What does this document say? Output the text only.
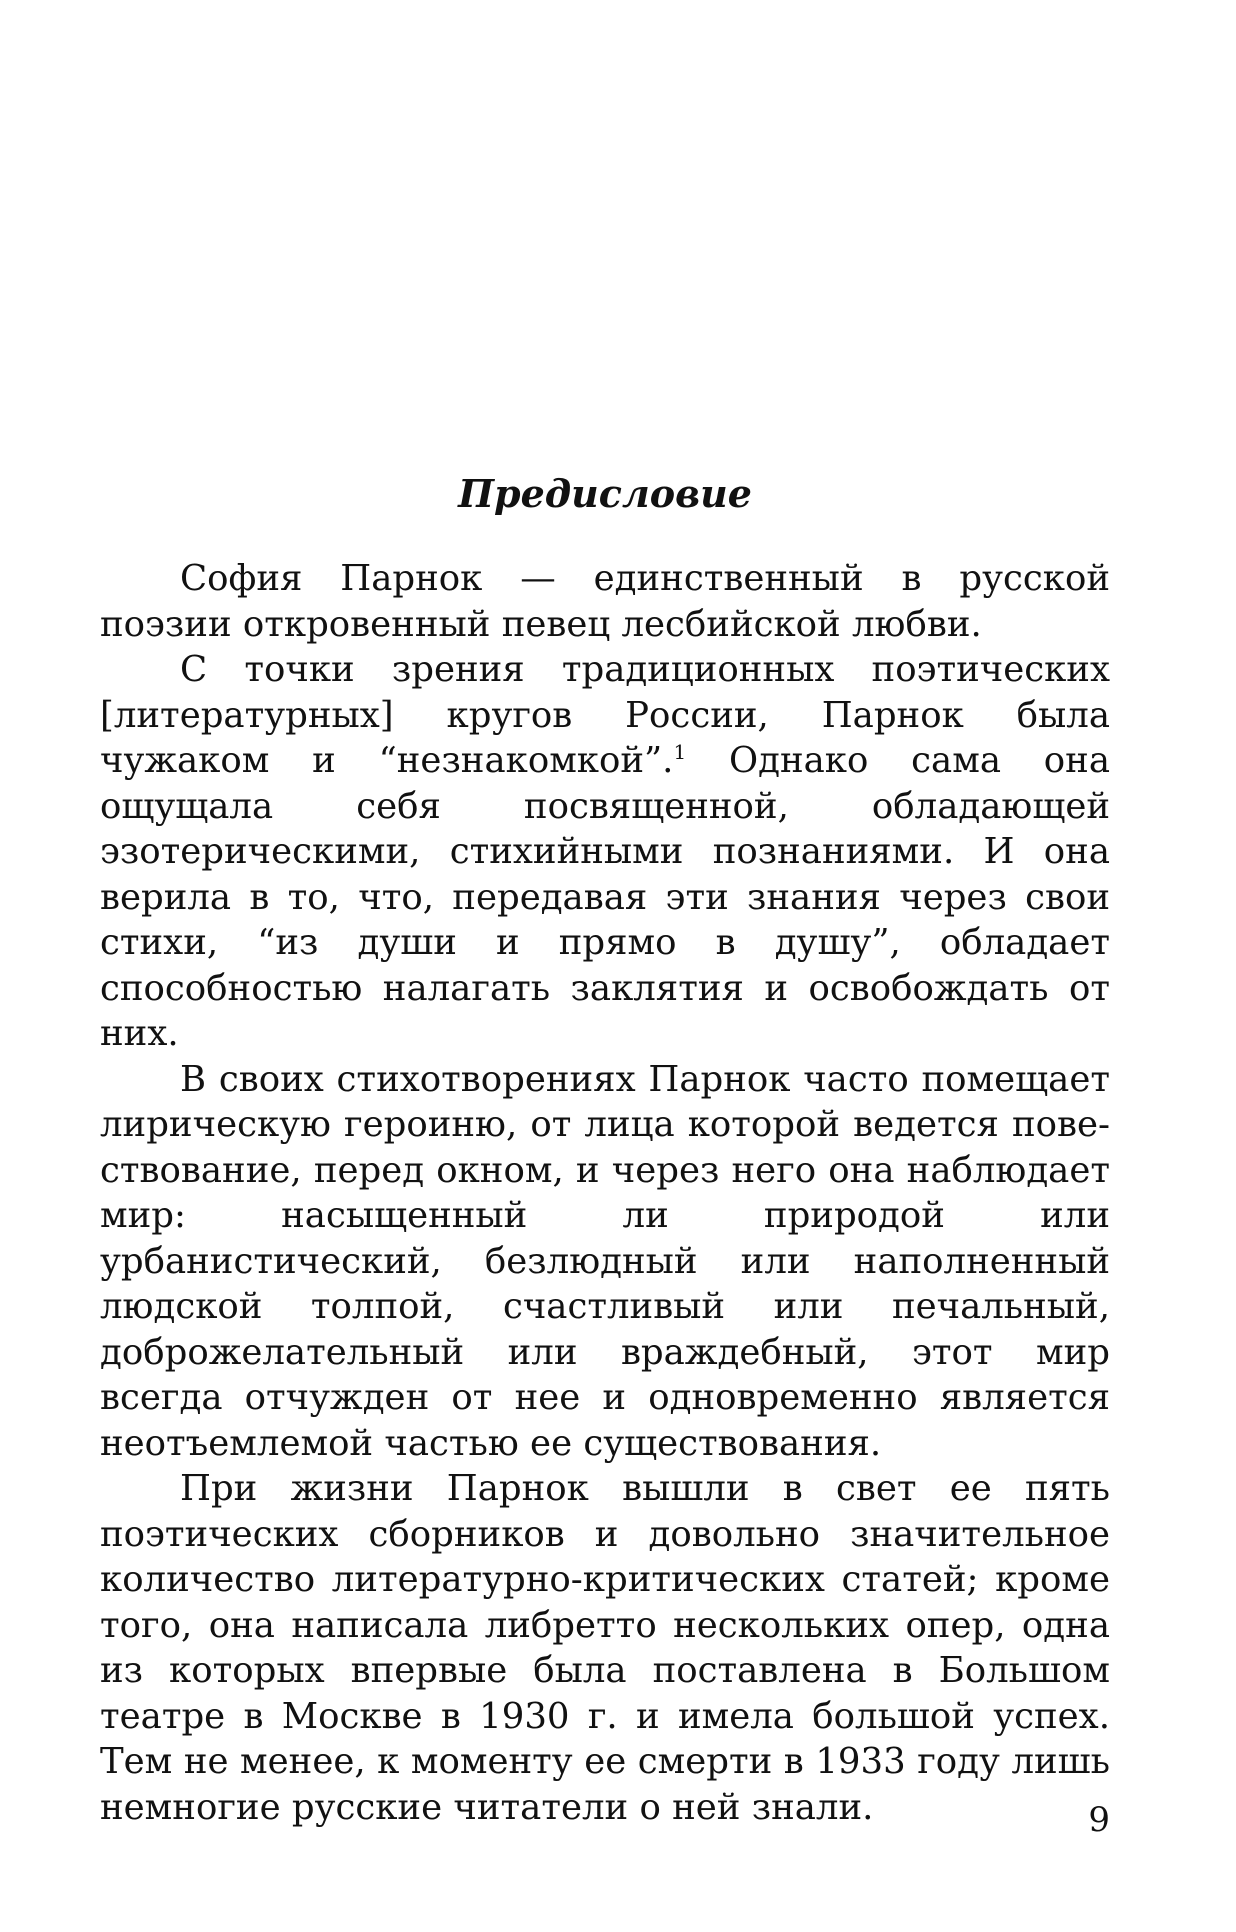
Предисловие

София Парнок — единственный в русской поэзии откровенный певец лесбийской любви.

С точки зрения традиционных поэтических [литературных] кругов России, Парнок была чужаком и “незнакомкой”.$^1$ Однако сама она ощущала себя посвященной, обладающей эзотерическими, стихийными познаниями. И она верила в то, что, передавая эти знания через свои стихи, “из души и прямо в душу”, обладает способностью налагать заклятия и освобождать от них.

В своих стихотворениях Парнок часто помещает лирическую героиню, от лица которой ведется повествование, перед окном, и через него она наблюдает мир: насыщенный ли природой или урбанистический, безлюдный или наполненный людской толпой, счастливый или печальный, доброжелательный или враждебный, этот мир всегда отчужден от нее и одновременно является неотъемлемой частью ее существования.

При жизни Парнок вышли в свет ее пять поэтических сборников и довольно значительное количество литературно-критических статей; кроме того, она написала либретто нескольких опер, одна из которых впервые была поставлена в Большом театре в Москве в 1930 г. и имела большой успех. Тем не менее, к моменту ее смерти в 1933 году лишь немногие русские читатели о ней знали.	9
